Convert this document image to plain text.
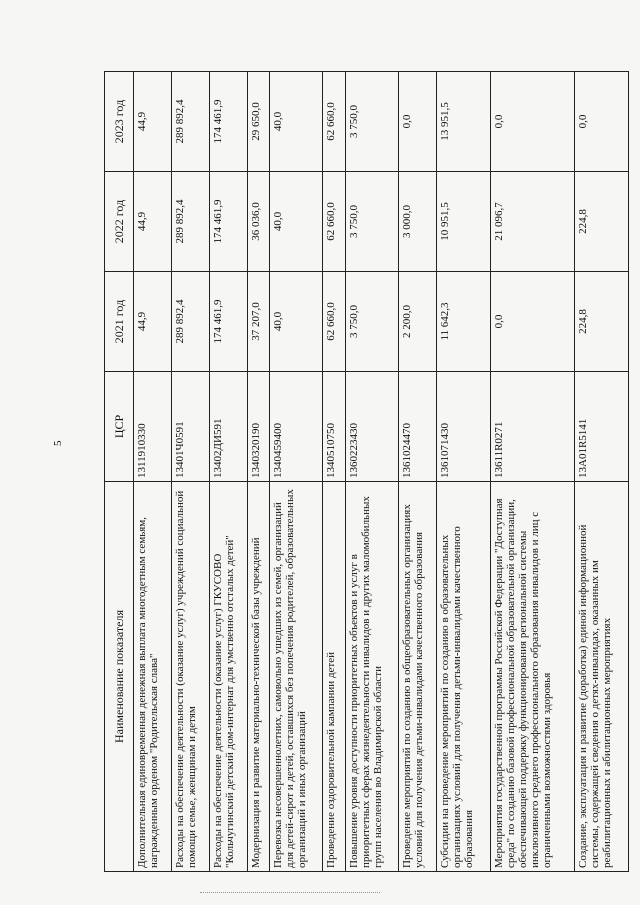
5
Наименование показателя	ЦСР	2021 год	2022 год	2023 год
Дополнительная единовременная денежная выплата многодетным семьям, награжденным орденом "Родительская слава"	1311910330	44,9	44,9	44,9
Расходы на обеспечение деятельности (оказание услуг) учреждений социальной помощи семье, женщинам и детям	13401Ч0591	289 892,4	289 892,4	289 892,4
Расходы на обеспечение деятельности (оказание услуг) ГКУСОВО "Кольчугинский детский дом-интернат для умственно отсталых детей"	13402ДИ591	174 461,9	174 461,9	174 461,9
Модернизация и развитие материально-технической базы учреждений	1340320190	37 207,0	36 036,0	29 650,0
Перевозка несовершеннолетних, самовольно ушедших из семей, организаций для детей-сирот и детей, оставшихся без попечения родителей, образовательных организаций и иных организаций	1340459400	40,0	40,0	40,0
Проведение оздоровительной кампании детей	1340510750	62 660,0	62 660,0	62 660,0
Повышение уровня доступности приоритетных объектов и услуг в приоритетных сферах жизнедеятельности инвалидов и других маломобильных групп населения во Владимирской области	1360223430	3 750,0	3 750,0	3 750,0
Проведение мероприятий по созданию в общеобразовательных организациях условий для получения детьми-инвалидами качественного образования	1361024470	2 200,0	3 000,0	0,0
Субсидии на проведение мероприятий по созданию в образовательных организациях условий для получения детьми-инвалидами качественного образования	1361071430	11 642,3	10 951,5	13 951,5
Мероприятия государственной программы Российской Федерации "Доступная среда" по созданию базовой профессиональной образовательной организации, обеспечивающей поддержку функционирования региональной системы инклюзивного среднего профессионального образования инвалидов и лиц с ограниченными возможностями здоровья	13611R0271	0,0	21 096,7	0,0
Создание, эксплуатация и развитие (доработка) единой информационной системы, содержащей сведения о детях-инвалидах, оказанных им реабилитационных и абилитационных мероприятиях	13А01R5141	224,8	224,8	0,0
